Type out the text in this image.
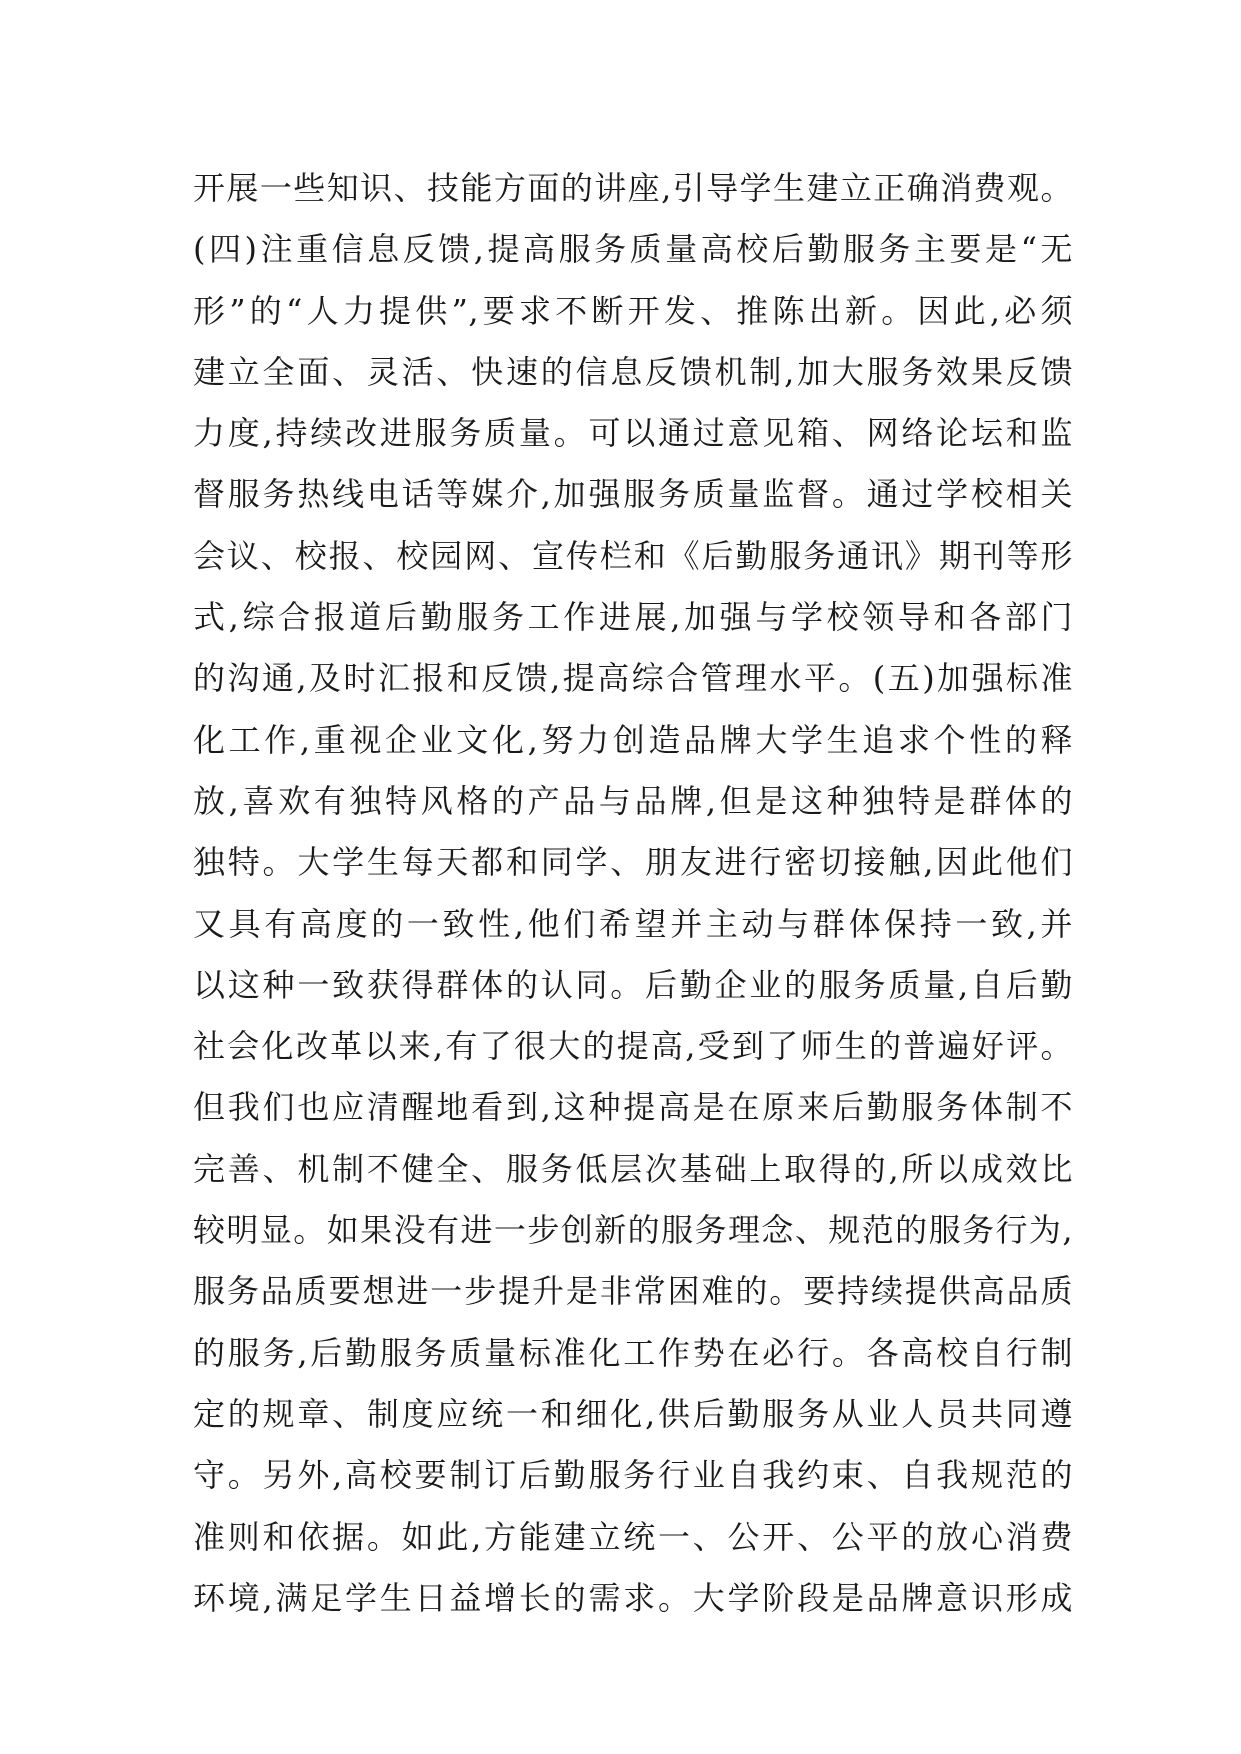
开展一些知识、技能方面的讲座,引导学生建立正确消费观。
(四)注重信息反馈,提高服务质量高校后勤服务主要是“无
形”的“人力提供”,要求不断开发、推陈出新。因此,必须
建立全面、灵活、快速的信息反馈机制,加大服务效果反馈
力度,持续改进服务质量。可以通过意见箱、网络论坛和监
督服务热线电话等媒介,加强服务质量监督。通过学校相关
会议、校报、校园网、宣传栏和《后勤服务通讯》期刊等形
式,综合报道后勤服务工作进展,加强与学校领导和各部门
的沟通,及时汇报和反馈,提高综合管理水平。(五)加强标准
化工作,重视企业文化,努力创造品牌大学生追求个性的释
放,喜欢有独特风格的产品与品牌,但是这种独特是群体的
独特。大学生每天都和同学、朋友进行密切接触,因此他们
又具有高度的一致性,他们希望并主动与群体保持一致,并
以这种一致获得群体的认同。后勤企业的服务质量,自后勤
社会化改革以来,有了很大的提高,受到了师生的普遍好评。
但我们也应清醒地看到,这种提高是在原来后勤服务体制不
完善、机制不健全、服务低层次基础上取得的,所以成效比
较明显。如果没有进一步创新的服务理念、规范的服务行为,
服务品质要想进一步提升是非常困难的。要持续提供高品质
的服务,后勤服务质量标准化工作势在必行。各高校自行制
定的规章、制度应统一和细化,供后勤服务从业人员共同遵
守。另外,高校要制订后勤服务行业自我约束、自我规范的
准则和依据。如此,方能建立统一、公开、公平的放心消费
环境,满足学生日益增长的需求。大学阶段是品牌意识形成
